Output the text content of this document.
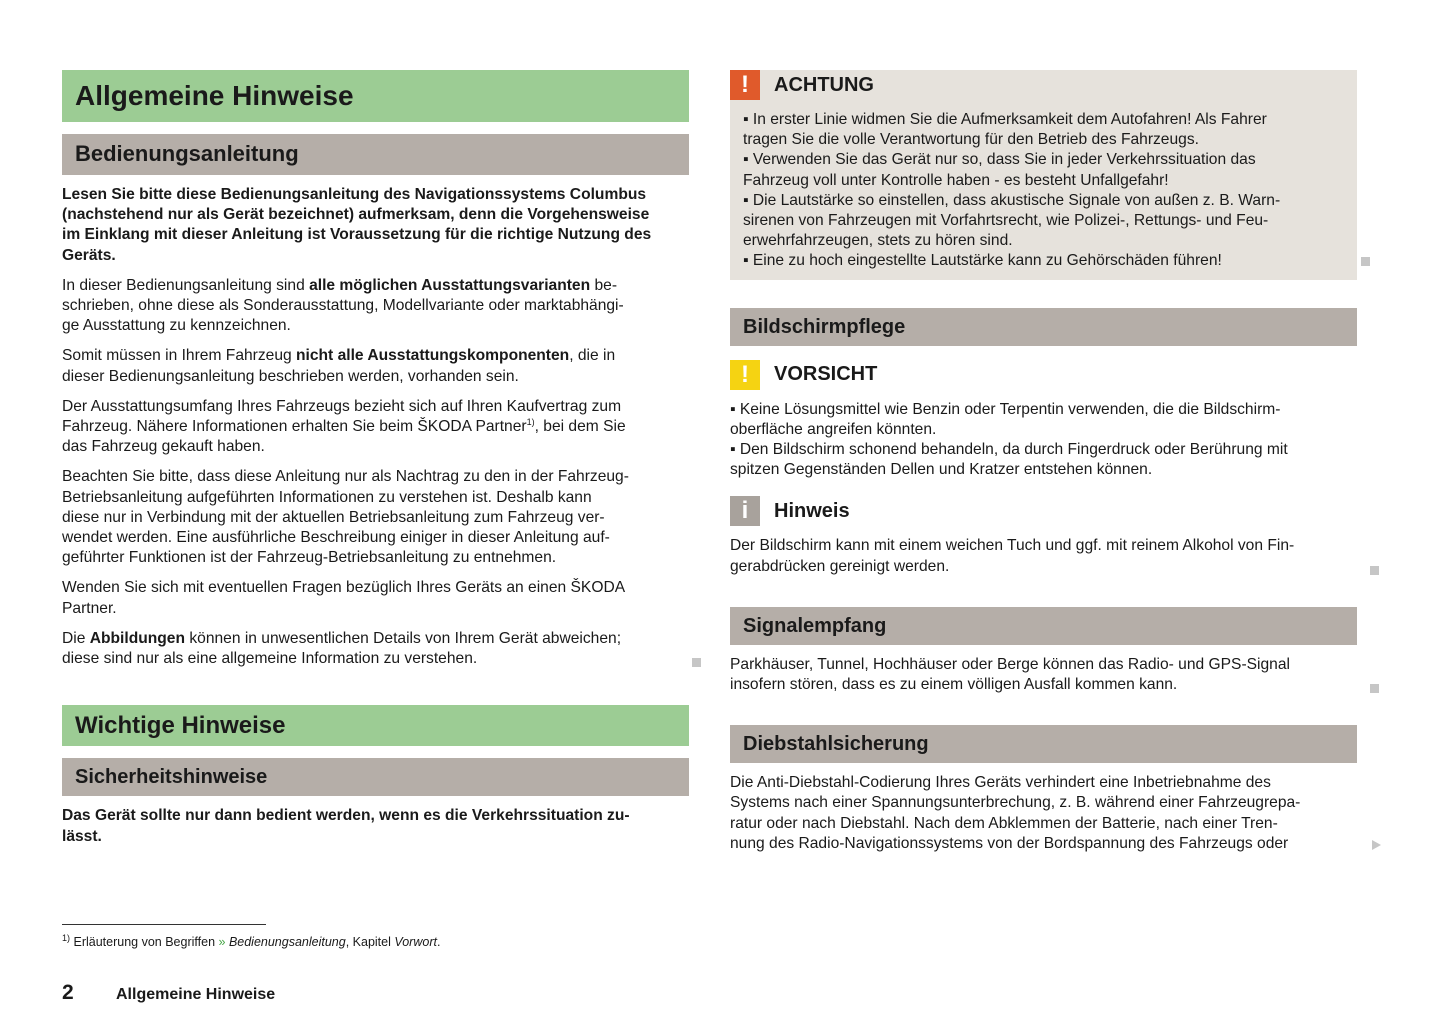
Allgemeine Hinweise
Bedienungsanleitung
Lesen Sie bitte diese Bedienungsanleitung des Navigationssystems Columbus
(nachstehend nur als Gerät bezeichnet) aufmerksam, denn die Vorgehensweise
im Einklang mit dieser Anleitung ist Voraussetzung für die richtige Nutzung des
Geräts.
In dieser Bedienungsanleitung sind alle möglichen Ausstattungsvarianten be-
schrieben, ohne diese als Sonderausstattung, Modellvariante oder marktabhängi-
ge Ausstattung zu kennzeichnen.
Somit müssen in Ihrem Fahrzeug nicht alle Ausstattungskomponenten, die in
dieser Bedienungsanleitung beschrieben werden, vorhanden sein.
Der Ausstattungsumfang Ihres Fahrzeugs bezieht sich auf Ihren Kaufvertrag zum
Fahrzeug. Nähere Informationen erhalten Sie beim ŠKODA Partner$^{1)}$, bei dem Sie
das Fahrzeug gekauft haben.
Beachten Sie bitte, dass diese Anleitung nur als Nachtrag zu den in der Fahrzeug-
Betriebsanleitung aufgeführten Informationen zu verstehen ist. Deshalb kann
diese nur in Verbindung mit der aktuellen Betriebsanleitung zum Fahrzeug ver-
wendet werden. Eine ausführliche Beschreibung einiger in dieser Anleitung auf-
geführter Funktionen ist der Fahrzeug-Betriebsanleitung zu entnehmen.
Wenden Sie sich mit eventuellen Fragen bezüglich Ihres Geräts an einen ŠKODA
Partner.
Die Abbildungen können in unwesentlichen Details von Ihrem Gerät abweichen;
diese sind nur als eine allgemeine Information zu verstehen.
Wichtige Hinweise
Sicherheitshinweise
Das Gerät sollte nur dann bedient werden, wenn es die Verkehrssituation zu-
lässt.
$^{1)}$ Erläuterung von Begriffen » Bedienungsanleitung, Kapitel Vorwort.
2	Allgemeine Hinweise
!	ACHTUNG
▪ In erster Linie widmen Sie die Aufmerksamkeit dem Autofahren! Als Fahrer
tragen Sie die volle Verantwortung für den Betrieb des Fahrzeugs.
▪ Verwenden Sie das Gerät nur so, dass Sie in jeder Verkehrssituation das
Fahrzeug voll unter Kontrolle haben - es besteht Unfallgefahr!
▪ Die Lautstärke so einstellen, dass akustische Signale von außen z. B. Warn-
sirenen von Fahrzeugen mit Vorfahrtsrecht, wie Polizei-, Rettungs- und Feu-
erwehrfahrzeugen, stets zu hören sind.
▪ Eine zu hoch eingestellte Lautstärke kann zu Gehörschäden führen!
Bildschirmpflege
!	VORSICHT
▪ Keine Lösungsmittel wie Benzin oder Terpentin verwenden, die die Bildschirm-
oberfläche angreifen könnten.
▪ Den Bildschirm schonend behandeln, da durch Fingerdruck oder Berührung mit
spitzen Gegenständen Dellen und Kratzer entstehen können.
i	Hinweis
Der Bildschirm kann mit einem weichen Tuch und ggf. mit reinem Alkohol von Fin-
gerabdrücken gereinigt werden.
Signalempfang
Parkhäuser, Tunnel, Hochhäuser oder Berge können das Radio- und GPS-Signal
insofern stören, dass es zu einem völligen Ausfall kommen kann.
Diebstahlsicherung
Die Anti-Diebstahl-Codierung Ihres Geräts verhindert eine Inbetriebnahme des
Systems nach einer Spannungsunterbrechung, z. B. während einer Fahrzeugrepa-
ratur oder nach Diebstahl. Nach dem Abklemmen der Batterie, nach einer Tren-
nung des Radio-Navigationssystems von der Bordspannung des Fahrzeugs oder
